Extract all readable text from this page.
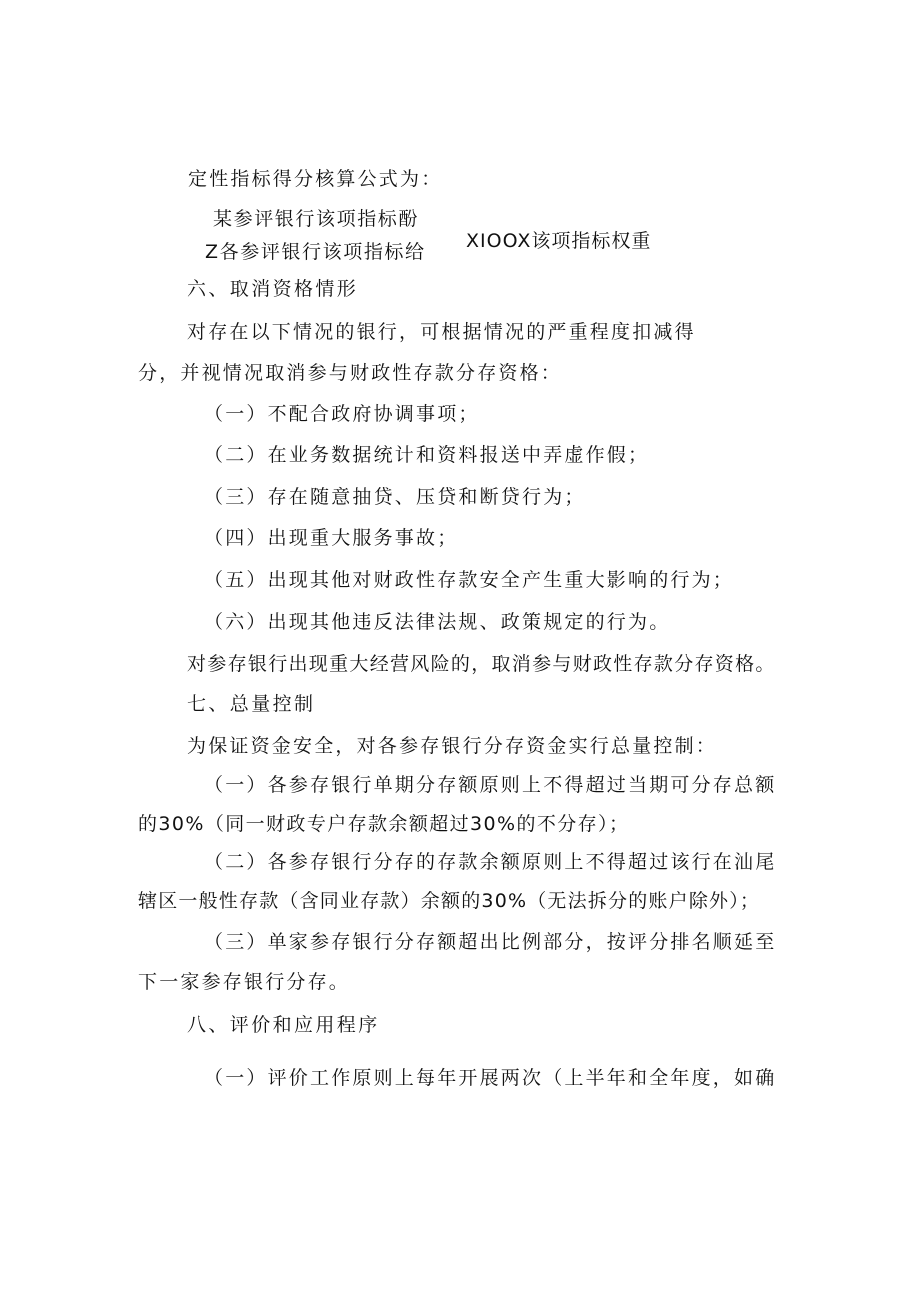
定性指标得分核算公式为：
某参评银行该项指标酚
Z各参评银行该项指标给 XIOOX该项指标权重
六、取消资格情形
对存在以下情况的银行，可根据情况的严重程度扣减得
分，并视情况取消参与财政性存款分存资格：
（一）不配合政府协调事项；
（二）在业务数据统计和资料报送中弄虚作假；
（三）存在随意抽贷、压贷和断贷行为；
（四）出现重大服务事故；
（五）出现其他对财政性存款安全产生重大影响的行为；
（六）出现其他违反法律法规、政策规定的行为。
对参存银行出现重大经营风险的，取消参与财政性存款分存资格。
七、总量控制
为保证资金安全，对各参存银行分存资金实行总量控制：
（一）各参存银行单期分存额原则上不得超过当期可分存总额
的30%（同一财政专户存款余额超过30%的不分存）；
（二）各参存银行分存的存款余额原则上不得超过该行在汕尾
辖区一般性存款（含同业存款）余额的30%（无法拆分的账户除外）；
（三）单家参存银行分存额超出比例部分，按评分排名顺延至
下一家参存银行分存。
八、评价和应用程序
（一）评价工作原则上每年开展两次（上半年和全年度，如确
